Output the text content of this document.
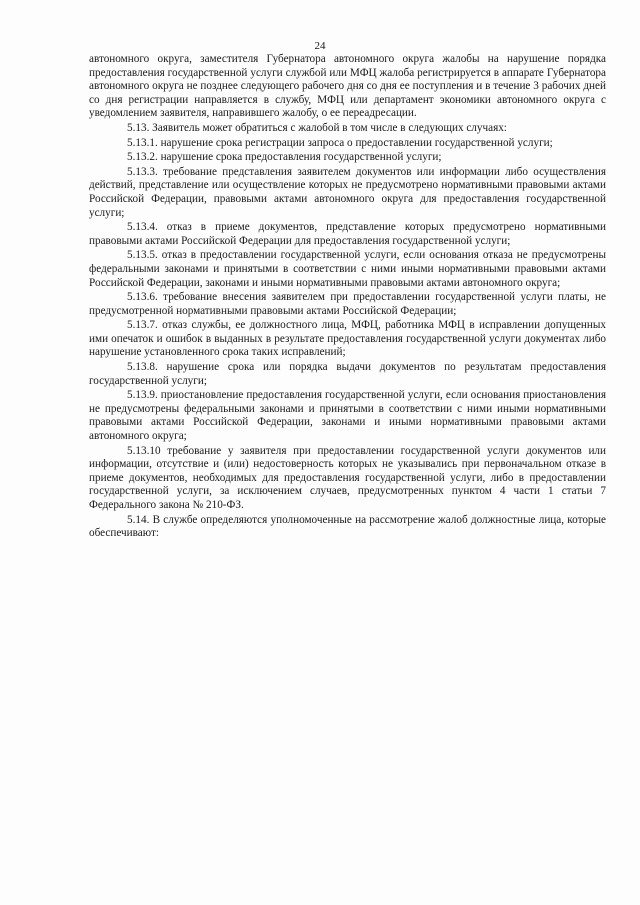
24

автономного округа, заместителя Губернатора автономного округа жалобы на нарушение порядка предоставления государственной услуги службой или МФЦ жалоба регистрируется в аппарате Губернатора автономного округа не позднее следующего рабочего дня со дня ее поступления и в течение 3 рабочих дней со дня регистрации направляется в службу, МФЦ или департамент экономики автономного округа с уведомлением заявителя, направившего жалобу, о ее переадресации.

5.13. Заявитель может обратиться с жалобой в том числе в следующих случаях:

5.13.1. нарушение срока регистрации запроса о предоставлении государственной услуги;

5.13.2. нарушение срока предоставления государственной услуги;

5.13.3. требование представления заявителем документов или информации либо осуществления действий, представление или осуществление которых не предусмотрено нормативными правовыми актами Российской Федерации, правовыми актами автономного округа для предоставления государственной услуги;

5.13.4. отказ в приеме документов, представление которых предусмотрено нормативными правовыми актами Российской Федерации для предоставления государственной услуги;

5.13.5. отказ в предоставлении государственной услуги, если основания отказа не предусмотрены федеральными законами и принятыми в соответствии с ними иными нормативными правовыми актами Российской Федерации, законами и иными нормативными правовыми актами автономного округа;

5.13.6. требование внесения заявителем при предоставлении государственной услуги платы, не предусмотренной нормативными правовыми актами Российской Федерации;

5.13.7. отказ службы, ее должностного лица, МФЦ, работника МФЦ в исправлении допущенных ими опечаток и ошибок в выданных в результате предоставления государственной услуги документах либо нарушение установленного срока таких исправлений;

5.13.8. нарушение срока или порядка выдачи документов по результатам предоставления государственной услуги;

5.13.9. приостановление предоставления государственной услуги, если основания приостановления не предусмотрены федеральными законами и принятыми в соответствии с ними иными нормативными правовыми актами Российской Федерации, законами и иными нормативными правовыми актами автономного округа;

5.13.10 требование у заявителя при предоставлении государственной услуги документов или информации, отсутствие и (или) недостоверность которых не указывались при первоначальном отказе в приеме документов, необходимых для предоставления государственной услуги, либо в предоставлении государственной услуги, за исключением случаев, предусмотренных пунктом 4 части 1 статьи 7 Федерального закона № 210-ФЗ.

5.14. В службе определяются уполномоченные на рассмотрение жалоб должностные лица, которые обеспечивают:
